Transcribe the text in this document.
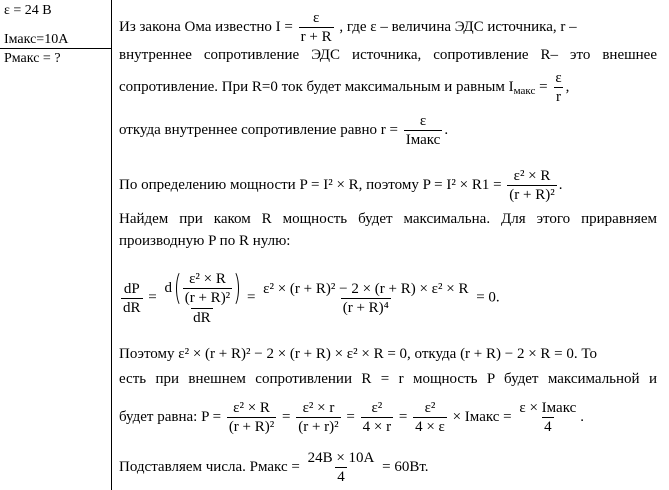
ε = 24 В
Iмакс=10А
Pмакс = ?
Из закона Ома известно $I = \frac{\varepsilon}{r + R}$ , где ε – величина ЭДС источника, r –
внутреннее сопротивление ЭДС источника, сопротивление R– это внешнее
сопротивление. При R=0 ток будет максимальным и равным $I_{макс} = \frac{\varepsilon}{r}$ ,
откуда внутреннее сопротивление равно $r = \frac{\varepsilon}{\text{Iмакс}}$ .
По определению мощности P = I² × R, поэтому $P = I^2 \times R1 = \frac{\text{ε² × R}}{\text{(r + R)²}}$ .
Найдем при каком R мощность будет максимальна. Для этого приравняем
производную P по R нулю:
$\frac{dP}{dR}$ =
d $\frac{\text{ε² × R}}{\text{(r + R)²}}$
dR
= $\frac{\text{ε² × (r + R)² − 2 × (r + R) × ε² × R}}{\text{(r + R)⁴}} = 0$.
Поэтому ε² × (r + R)² − 2 × (r + R) × ε² × R = 0, откуда (r + R) − 2 × R = 0. То
есть при внешнем сопротивлении R = r мощность P будет максимальной и
будет равна: $P = \frac{\text{ε² × R}}{\text{(r + R)²}} = \frac{\text{ε² × r}}{\text{(r + r)²}} = \frac{\text{ε²}}{4 \times r} = \frac{\text{ε²}}{4 \times \varepsilon}$ × Iмакс = $\frac{\text{ε × Iмакс}}{4}$ .
Подставляем числа. Pмакс = $\frac{24В \times 10А}{4} = 60Вт$.
